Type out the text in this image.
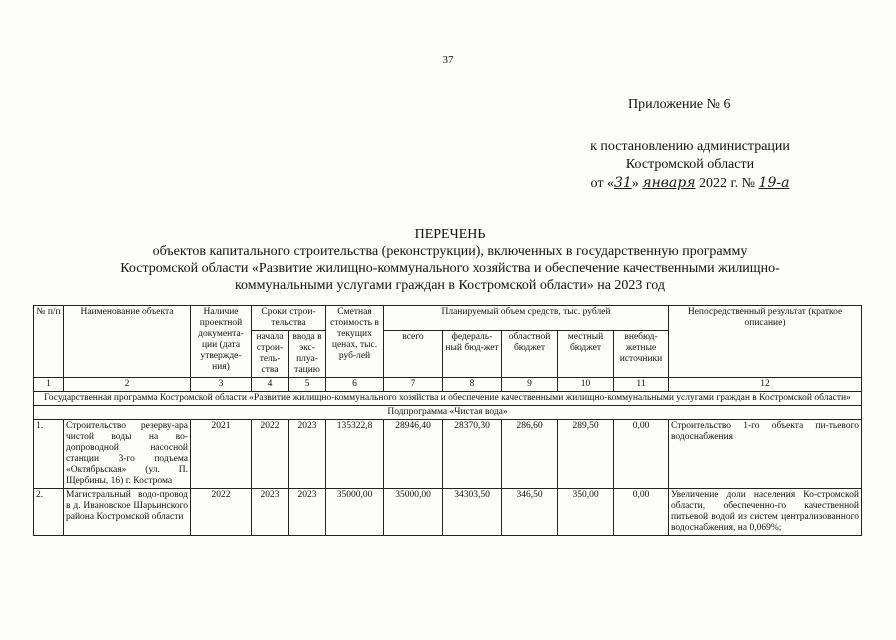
37
Приложение № 6
к постановлению администрации
Костромской области
от «31» января 2022 г. № 19-а
ПЕРЕЧЕНЬ
объектов капитального строительства (реконструкции), включенных в государственную программу
Костромской области «Развитие жилищно-коммунального хозяйства и обеспечение качественными жилищно-
коммунальными услугами граждан в Костромской области» на 2023 год
№ п/п	Наименование объекта	Наличие проектной документа-ции (дата утвержде-ния)	Сроки строи-тельства		Сметная стоимость в текущих ценах, тыс. руб-лей	Планируемый объем средств, тыс. рублей					Непосредственный результат (краткое описание)
			начала строи-тель-ства	ввода в экс-плуа-тацию		всего	федераль-ный бюд-жет	областной бюджет	местный бюджет	внебюд-жетные источники	
1	2	3	4	5	6	7	8	9	10	11	12
Государственная программа Костромской области «Развитие жилищно-коммунального хозяйства и обеспечение качественными жилищно-коммунальными услугами граждан в Костромской области»											
Подпрограмма «Чистая вода»											
1.	Строительство резерву-ара чистой воды на во-допроводной насосной станции 3-го подъема «Октябрьская» (ул. П. Щербины, 16) г. Кострома	2021	2022	2023	135322,8	28946,40	28370,30	286,60	289,50	0,00	Строительство 1-го объекта пи-тьевого водоснабжения
2.	Магистральный водо-провод в д. Ивановское Шарьинского района Костромской области	2022	2023	2023	35000,00	35000,00	34303,50	346,50	350,00	0,00	Увеличение доли населения Ко-стромской области, обеспеченно-го качественной питьевой водой из систем централизованного водоснабжения, на 0,069%;
